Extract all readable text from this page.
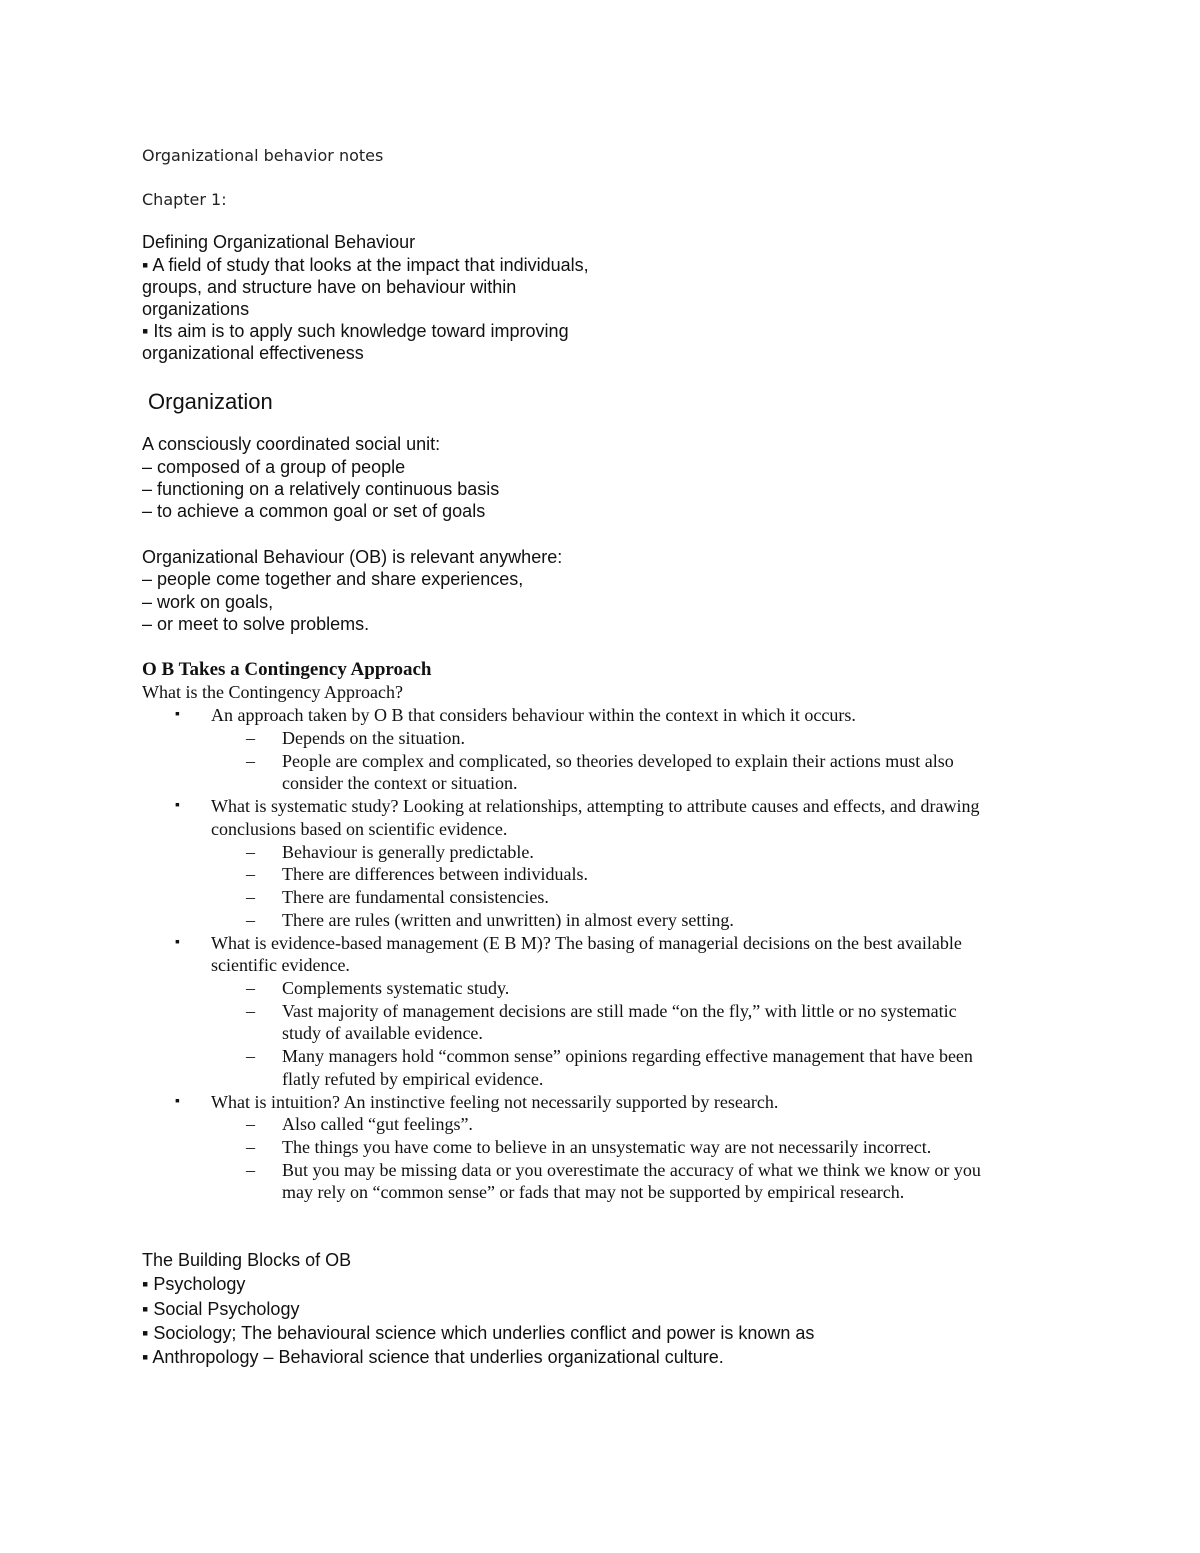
Organizational behavior notes
Chapter 1:
Defining Organizational Behaviour
▪ A field of study that looks at the impact that individuals,
groups, and structure have on behaviour within
organizations
▪ Its aim is to apply such knowledge toward improving
organizational effectiveness
Organization
A consciously coordinated social unit:
– composed of a group of people
– functioning on a relatively continuous basis
– to achieve a common goal or set of goals
Organizational Behaviour (OB) is relevant anywhere:
– people come together and share experiences,
– work on goals,
– or meet to solve problems.
O B Takes a Contingency Approach
What is the Contingency Approach?
▪ An approach taken by O B that considers behaviour within the context in which it occurs.
– Depends on the situation.
– People are complex and complicated, so theories developed to explain their actions must also
consider the context or situation.
▪ What is systematic study? Looking at relationships, attempting to attribute causes and effects, and drawing
conclusions based on scientific evidence.
– Behaviour is generally predictable.
– There are differences between individuals.
– There are fundamental consistencies.
– There are rules (written and unwritten) in almost every setting.
▪ What is evidence-based management (E B M)? The basing of managerial decisions on the best available
scientific evidence.
– Complements systematic study.
– Vast majority of management decisions are still made “on the fly,” with little or no systematic
study of available evidence.
– Many managers hold “common sense” opinions regarding effective management that have been
flatly refuted by empirical evidence.
▪ What is intuition? An instinctive feeling not necessarily supported by research.
– Also called “gut feelings”.
– The things you have come to believe in an unsystematic way are not necessarily incorrect.
– But you may be missing data or you overestimate the accuracy of what we think we know or you
may rely on “common sense” or fads that may not be supported by empirical research.
The Building Blocks of OB
▪ Psychology
▪ Social Psychology
▪ Sociology; The behavioural science which underlies conflict and power is known as
▪ Anthropology – Behavioral science that underlies organizational culture.
